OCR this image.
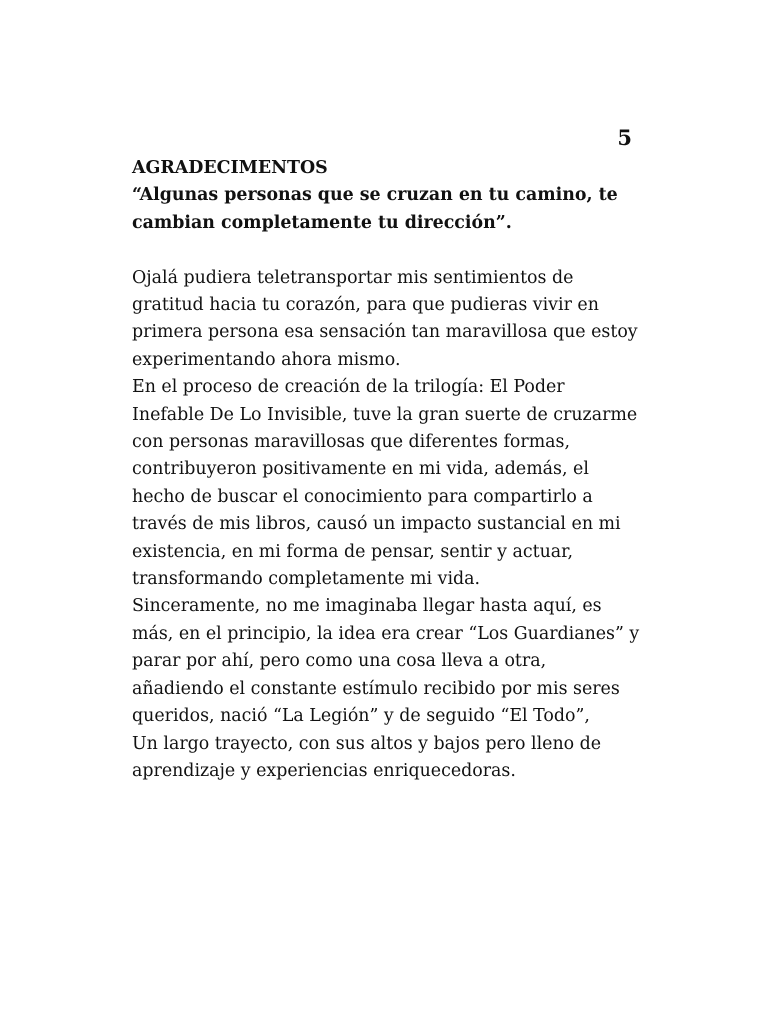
5

AGRADECIMENTOS

“Algunas personas que se cruzan en tu camino, te cambian completamente tu dirección”.

Ojalá pudiera teletransportar mis sentimientos de gratitud hacia tu corazón, para que pudieras vivir en primera persona esa sensación tan maravillosa que estoy experimentando ahora mismo.

En el proceso de creación de la trilogía: El Poder Inefable De Lo Invisible, tuve la gran suerte de cruzarme con personas maravillosas que diferentes formas, contribuyeron positivamente en mi vida, además, el hecho de buscar el conocimiento para compartirlo a través de mis libros, causó un impacto sustancial en mi existencia, en mi forma de pensar, sentir y actuar, transformando completamente mi vida.

Sinceramente, no me imaginaba llegar hasta aquí, es más, en el principio, la idea era crear “Los Guardianes” y parar por ahí, pero como una cosa lleva a otra, añadiendo el constante estímulo recibido por mis seres queridos, nació “La Legión” y de seguido “El Todo”,

Un largo trayecto, con sus altos y bajos pero lleno de aprendizaje y experiencias enriquecedoras.
